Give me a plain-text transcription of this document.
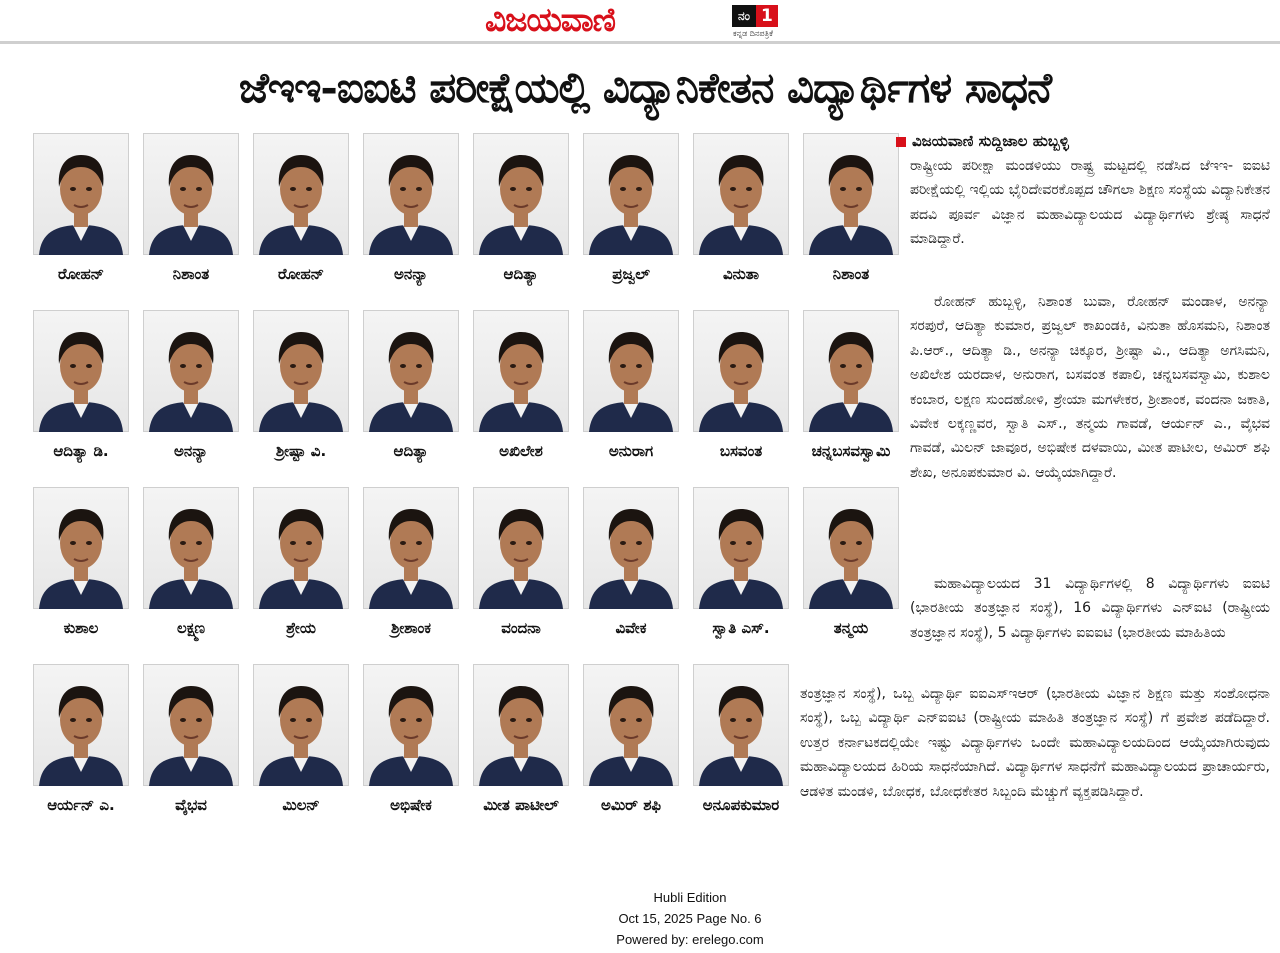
ವಿಜಯವಾಣಿ	ನಂ 1
ಕನ್ನಡ ದಿನಪತ್ರಿಕೆ
ಜೆಇಇ-ಐಐಟಿ ಪರೀಕ್ಷೆಯಲ್ಲಿ ವಿದ್ಯಾನಿಕೇತನ ವಿದ್ಯಾರ್ಥಿಗಳ ಸಾಧನೆ
ರೋಹನ್	ನಿಶಾಂತ	ರೋಹನ್	ಅನನ್ಯಾ	ಆದಿತ್ಯಾ	ಪ್ರಜ್ವಲ್	ವಿನುತಾ	ನಿಶಾಂತ
ಆದಿತ್ಯಾ ಡಿ.	ಅನನ್ಯಾ	ಶ್ರೀಷ್ಟಾ ವಿ.	ಆದಿತ್ಯಾ	ಅಖಿಲೇಶ	ಅನುರಾಗ	ಬಸವಂತ	ಚನ್ನಬಸವಸ್ವಾಮಿ
ಕುಶಾಲ	ಲಕ್ಷ್ಮಣ	ಶ್ರೇಯ	ಶ್ರೀಶಾಂಕ	ವಂದನಾ	ವಿವೇಕ	ಸ್ವಾತಿ ಎಸ್.	ತನ್ಮಯ
ಆರ್ಯನ್ ಎ.	ವೈಭವ	ಮಿಲನ್	ಅಭಿಷೇಕ	ಮೀತ ಪಾಟೀಲ್	ಅಮಿರ್ ಶಫಿ	ಅನೂಪಕುಮಾರ
ವಿಜಯವಾಣಿ ಸುದ್ದಿಜಾಲ ಹುಬ್ಬಳ್ಳಿ
ರಾಷ್ಟ್ರೀಯ ಪರೀಕ್ಷಾ ಮಂಡಳಿಯು ರಾಷ್ಟ್ರ ಮಟ್ಟದಲ್ಲಿ ನಡೆಸಿದ ಜೆಇಇ- ಐಐಟಿ ಪರೀಕ್ಷೆಯಲ್ಲಿ ಇಲ್ಲಿಯ ಭೈರಿದೇವರಕೊಪ್ಪದ ಚೌಗಲಾ ಶಿಕ್ಷಣ ಸಂಸ್ಥೆಯ ವಿದ್ಯಾನಿಕೇತನ ಪದವಿ ಪೂರ್ವ ವಿಜ್ಞಾನ ಮಹಾವಿದ್ಯಾಲಯದ ವಿದ್ಯಾರ್ಥಿಗಳು ಶ್ರೇಷ್ಠ ಸಾಧನೆ ಮಾಡಿದ್ದಾರೆ.
ರೋಹನ್ ಹುಬ್ಬಳ್ಳಿ, ನಿಶಾಂತ ಬುವಾ, ರೋಹನ್ ಮಂಡಾಳ, ಅನನ್ಯಾ ಸರಪುರೆ, ಆದಿತ್ಯಾ ಕುಮಾರ, ಪ್ರಜ್ವಲ್ ಕಾಖಂಡಕಿ, ವಿನುತಾ ಹೊಸಮನಿ, ನಿಶಾಂತ ಪಿ.ಆರ್., ಆದಿತ್ಯಾ ಡಿ., ಅನನ್ಯಾ ಚಿಕ್ಕೂರ, ಶ್ರೀಷ್ಟಾ ವಿ., ಆದಿತ್ಯಾ ಅಗಸಿಮನಿ, ಅಖಿಲೇಶ ಯರದಾಳ, ಅನುರಾಗ, ಬಸವಂತ ಕಪಾಲಿ, ಚನ್ನಬಸವಸ್ವಾಮಿ, ಕುಶಾಲ ಕಂಬಾರ, ಲಕ್ಷಣ ಸುಂದಹೋಳಿ, ಶ್ರೇಯಾ ಮಗಳೇಕರ, ಶ್ರೀಶಾಂಕ, ವಂದನಾ ಜಕಾತಿ, ವಿವೇಕ ಲಕ್ಕಣ್ಣವರ, ಸ್ವಾತಿ ಎಸ್., ತನ್ಮಯ ಗಾವಡೆ, ಆರ್ಯನ್ ಎ., ವೈಭವ ಗಾವಡೆ, ಮಿಲನ್ ಜಾವೂರ, ಅಭಿಷೇಕ ದಳವಾಯಿ, ಮೀತ ಪಾಟೀಲ, ಅಮಿರ್ ಶಫಿ ಶೇಖ, ಅನೂಪಕುಮಾರ ವಿ. ಆಯ್ಕೆಯಾಗಿದ್ದಾರೆ.
ಮಹಾವಿದ್ಯಾಲಯದ 31 ವಿದ್ಯಾರ್ಥಿಗಳಲ್ಲಿ 8 ವಿದ್ಯಾರ್ಥಿಗಳು ಐಐಟಿ (ಭಾರತೀಯ ತಂತ್ರಜ್ಞಾನ ಸಂಸ್ಥೆ), 16 ವಿದ್ಯಾರ್ಥಿಗಳು ಎನ್‌ಐಟಿ (ರಾಷ್ಟ್ರೀಯ ತಂತ್ರಜ್ಞಾನ ಸಂಸ್ಥೆ), 5 ವಿದ್ಯಾರ್ಥಿಗಳು ಐಐಐಟಿ (ಭಾರತೀಯ ಮಾಹಿತಿಯ
ತಂತ್ರಜ್ಞಾನ ಸಂಸ್ಥೆ), ಒಬ್ಬ ವಿದ್ಯಾರ್ಥಿ ಐಐಎಸ್‌ಇಆರ್ (ಭಾರತೀಯ ವಿಜ್ಞಾನ ಶಿಕ್ಷಣ ಮತ್ತು ಸಂಶೋಧನಾ ಸಂಸ್ಥೆ), ಒಬ್ಬ ವಿದ್ಯಾರ್ಥಿ ಎನ್‌ಐಐಟಿ (ರಾಷ್ಟ್ರೀಯ ಮಾಹಿತಿ ತಂತ್ರಜ್ಞಾನ ಸಂಸ್ಥೆ) ಗೆ ಪ್ರವೇಶ ಪಡೆದಿದ್ದಾರೆ. ಉತ್ತರ ಕರ್ನಾಟಕದಲ್ಲಿಯೇ ಇಷ್ಟು ವಿದ್ಯಾರ್ಥಿಗಳು ಒಂದೇ ಮಹಾವಿದ್ಯಾಲಯದಿಂದ ಆಯ್ಕೆಯಾಗಿರುವುದು ಮಹಾವಿದ್ಯಾಲಯದ ಹಿರಿಯ ಸಾಧನೆಯಾಗಿದೆ. ವಿದ್ಯಾರ್ಥಿಗಳ ಸಾಧನೆಗೆ ಮಹಾವಿದ್ಯಾಲಯದ ಪ್ರಾಚಾರ್ಯರು, ಆಡಳಿತ ಮಂಡಳಿ, ಬೋಧಕ, ಬೋಧಕೇತರ ಸಿಬ್ಬಂದಿ ಮೆಚ್ಚುಗೆ ವ್ಯಕ್ತಪಡಿಸಿದ್ದಾರೆ.
Hubli Edition
Oct 15, 2025 Page No. 6
Powered by: erelego.com
